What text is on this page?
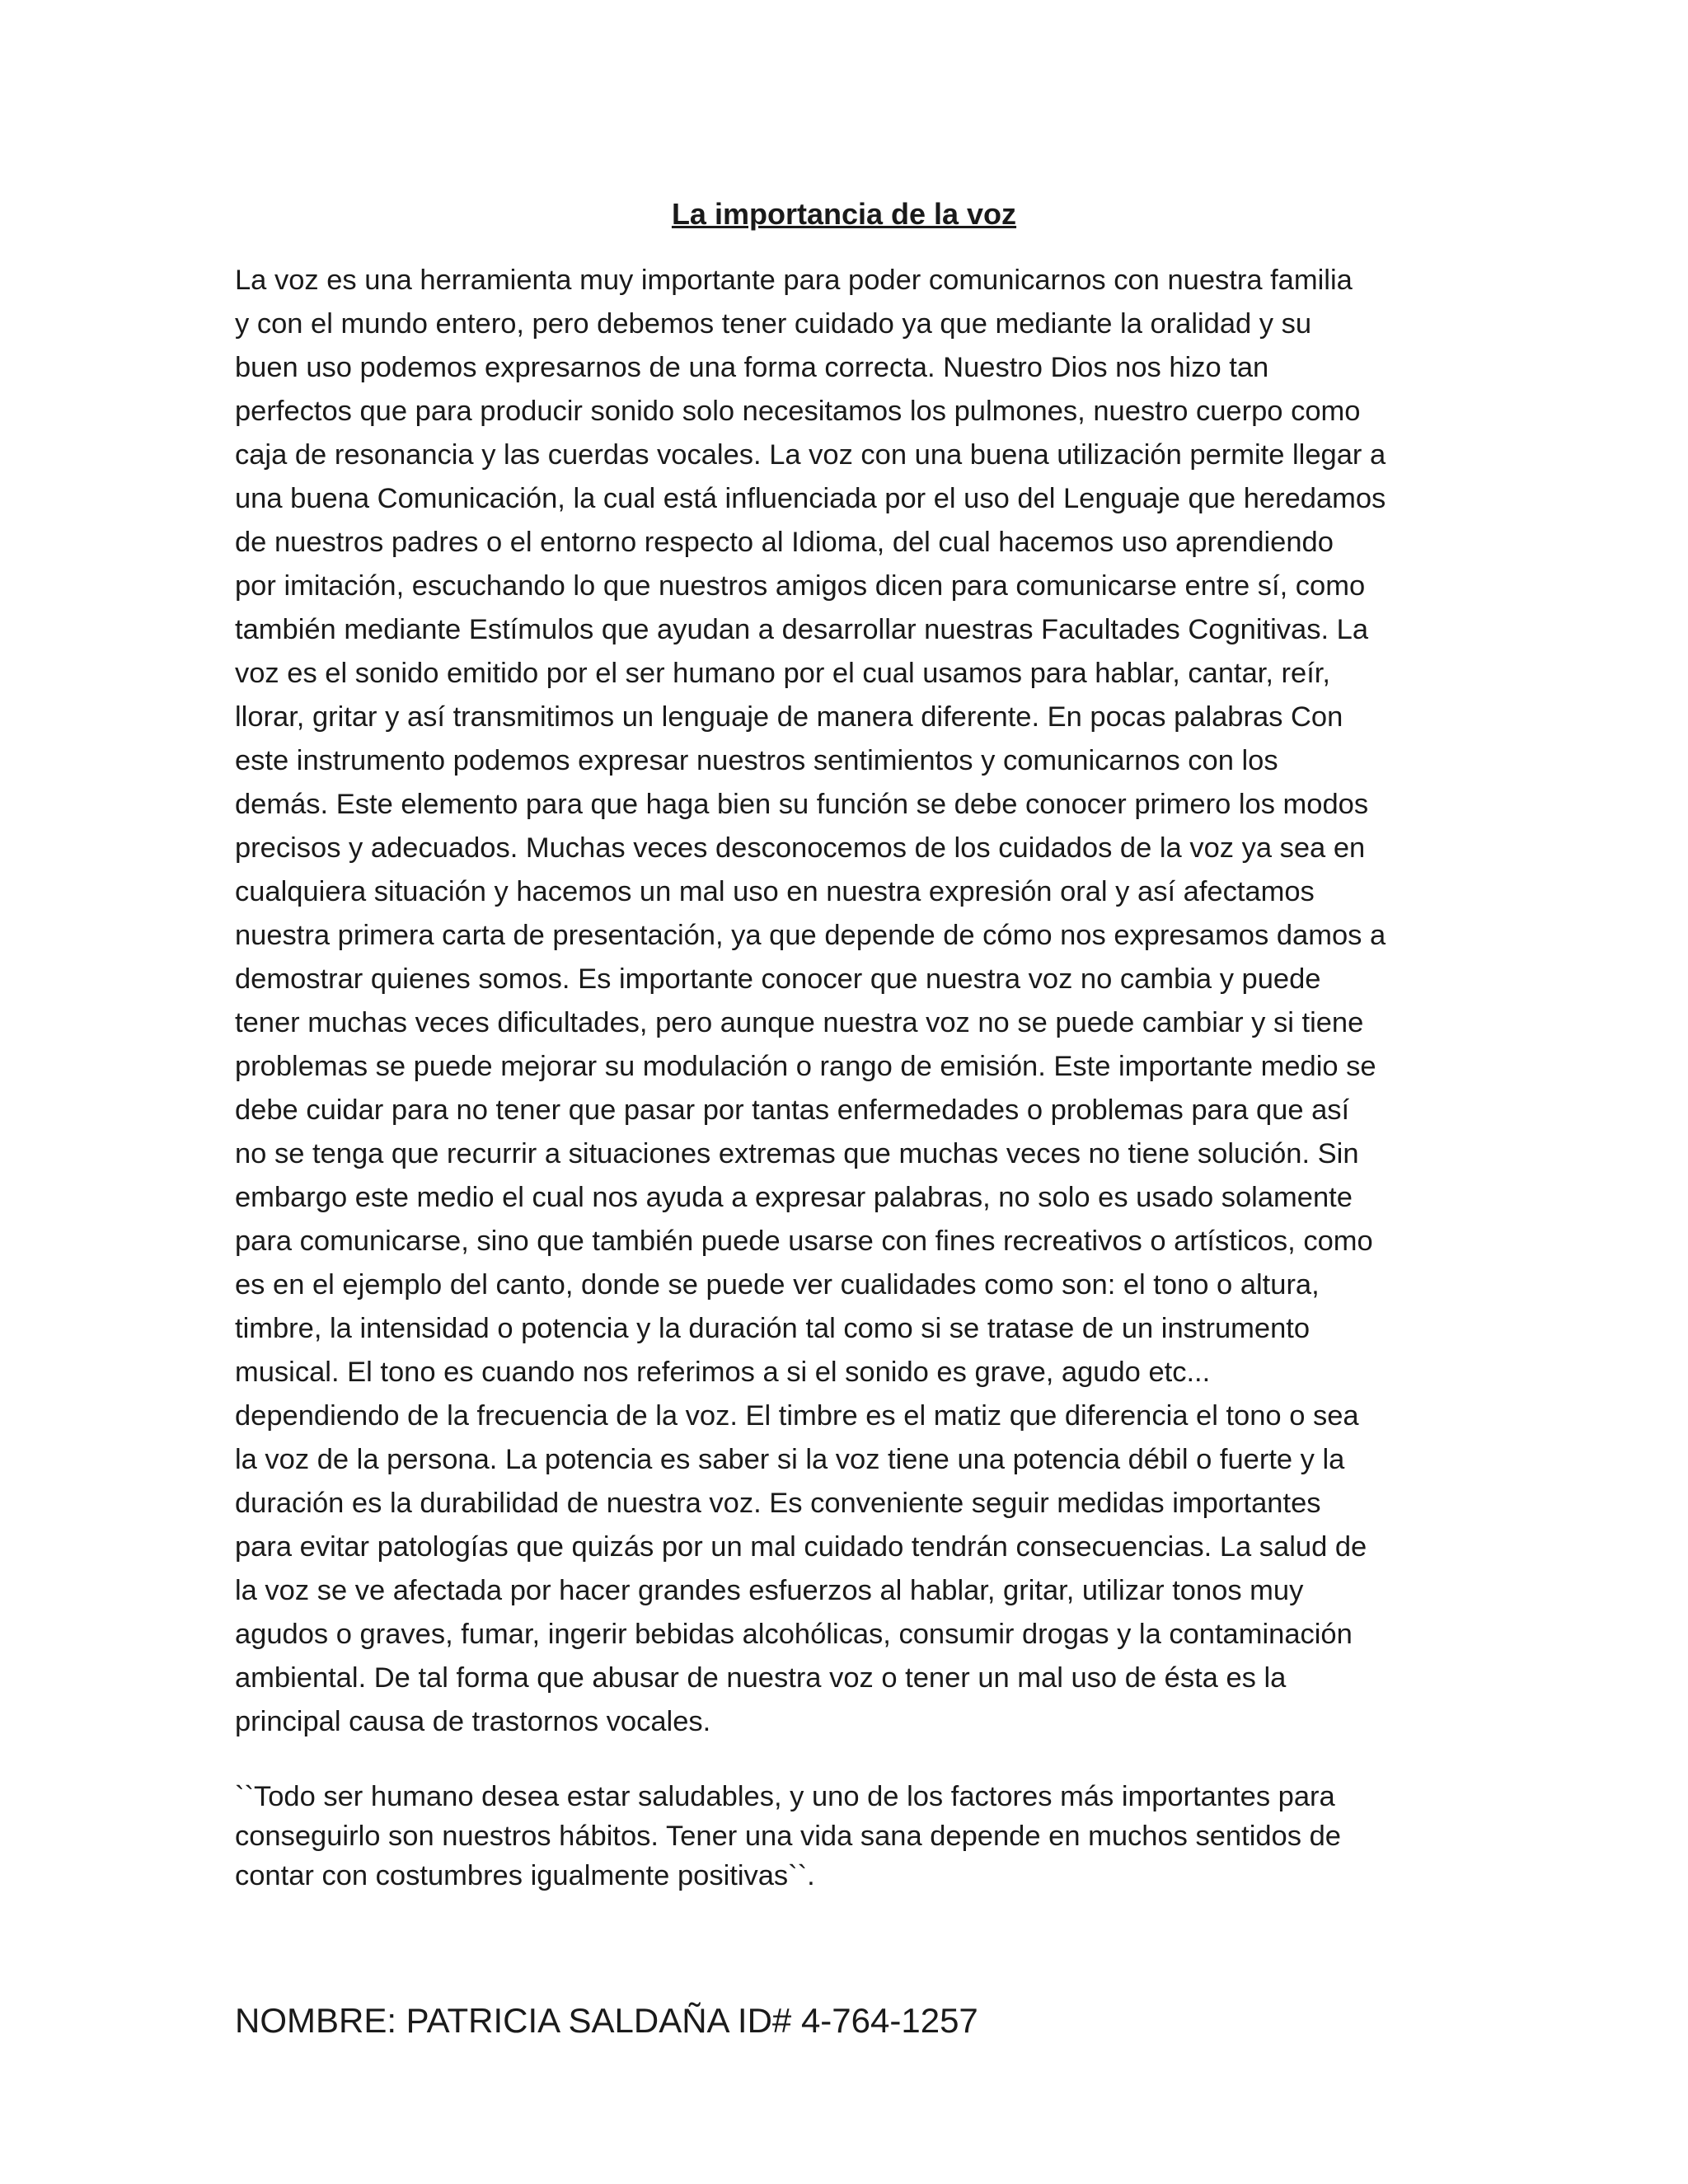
La importancia de la voz
La voz es una herramienta muy importante para poder comunicarnos con nuestra familia
y con el mundo entero, pero debemos tener cuidado ya que mediante la oralidad y su
buen uso podemos expresarnos de una forma correcta. Nuestro Dios nos hizo tan
perfectos que para producir sonido solo necesitamos los pulmones, nuestro cuerpo como
caja de resonancia y las cuerdas vocales. La voz con una buena utilización permite llegar a
una buena Comunicación, la cual está influenciada por el uso del Lenguaje que heredamos
de nuestros padres o el entorno respecto al Idioma, del cual hacemos uso aprendiendo
por imitación, escuchando lo que nuestros amigos dicen para comunicarse entre sí, como
también mediante Estímulos que ayudan a desarrollar nuestras Facultades Cognitivas. La
voz es el sonido emitido por el ser humano por el cual usamos para hablar, cantar, reír,
llorar, gritar y así transmitimos un lenguaje de manera diferente. En pocas palabras Con
este instrumento podemos expresar nuestros sentimientos y comunicarnos con los
demás. Este elemento para que haga bien su función se debe conocer primero los modos
precisos y adecuados. Muchas veces desconocemos de los cuidados de la voz ya sea en
cualquiera situación y hacemos un mal uso en nuestra expresión oral y así afectamos
nuestra primera carta de presentación, ya que depende de cómo nos expresamos damos a
demostrar quienes somos. Es importante conocer que nuestra voz no cambia y puede
tener muchas veces dificultades, pero aunque nuestra voz no se puede cambiar y si tiene
problemas se puede mejorar su modulación o rango de emisión. Este importante medio se
debe cuidar para no tener que pasar por tantas enfermedades o problemas para que así
no se tenga que recurrir a situaciones extremas que muchas veces no tiene solución. Sin
embargo este medio el cual nos ayuda a expresar palabras, no solo es usado solamente
para comunicarse, sino que también puede usarse con fines recreativos o artísticos, como
es en el ejemplo del canto, donde se puede ver cualidades como son: el tono o altura,
timbre, la intensidad o potencia y la duración tal como si se tratase de un instrumento
musical. El tono es cuando nos referimos a si el sonido es grave, agudo etc...
dependiendo de la frecuencia de la voz. El timbre es el matiz que diferencia el tono o sea
la voz de la persona. La potencia es saber si la voz tiene una potencia débil o fuerte y la
duración es la durabilidad de nuestra voz. Es conveniente seguir medidas importantes
para evitar patologías que quizás por un mal cuidado tendrán consecuencias. La salud de
la voz se ve afectada por hacer grandes esfuerzos al hablar, gritar, utilizar tonos muy
agudos o graves, fumar, ingerir bebidas alcohólicas, consumir drogas y la contaminación
ambiental. De tal forma que abusar de nuestra voz o tener un mal uso de ésta es la
principal causa de trastornos vocales.
``Todo ser humano desea estar saludables, y uno de los factores más importantes para
conseguirlo son nuestros hábitos. Tener una vida sana depende en muchos sentidos de
contar con costumbres igualmente positivas``.

NOMBRE: PATRICIA SALDAÑA ID# 4-764-1257
